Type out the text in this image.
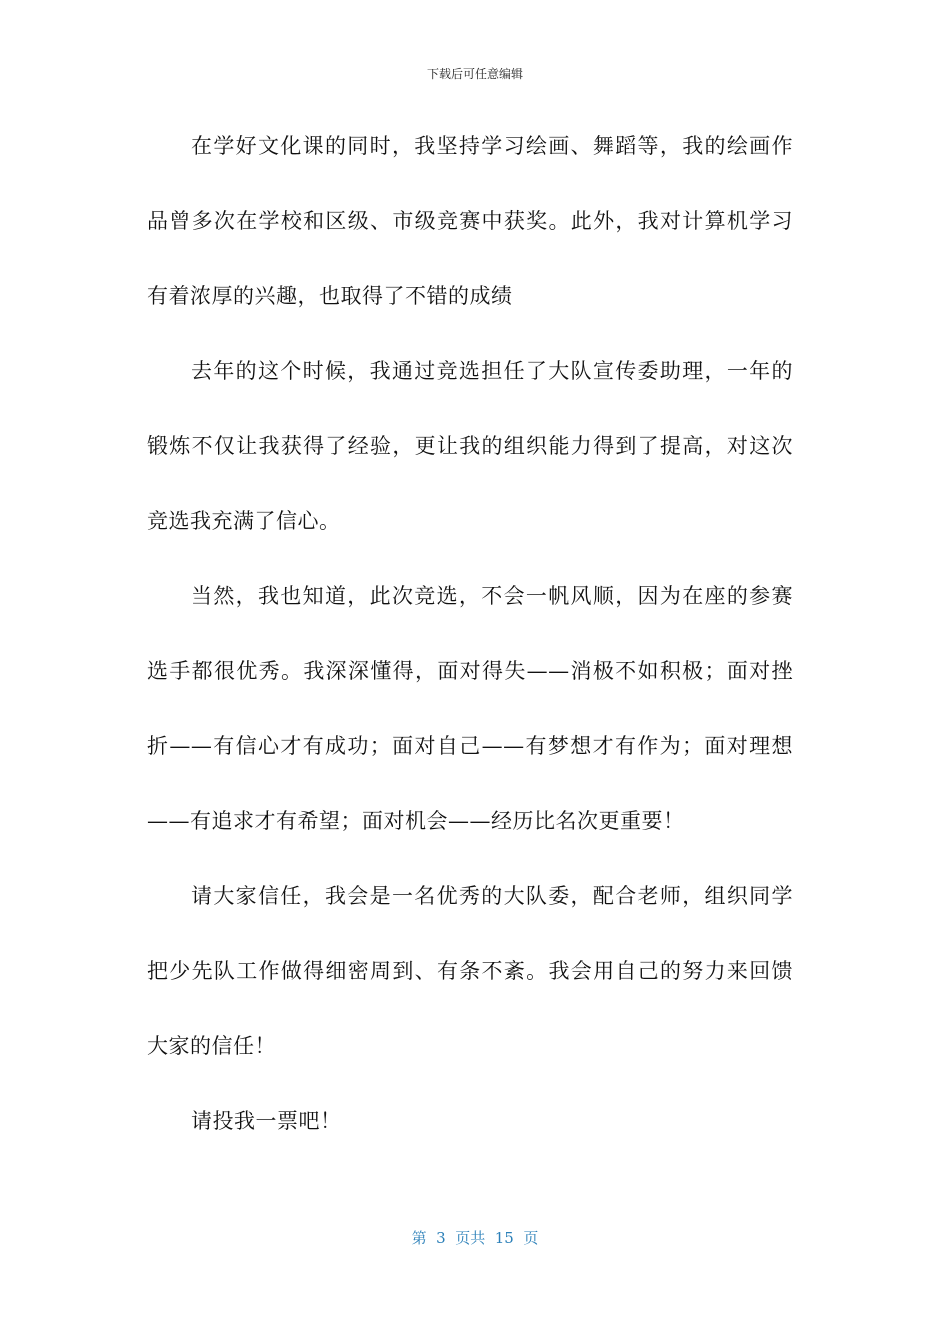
下载后可任意编辑
在学好文化课的同时，我坚持学习绘画、舞蹈等，我的绘画作
品曾多次在学校和区级、市级竞赛中获奖。此外，我对计算机学习
有着浓厚的兴趣，也取得了不错的成绩
去年的这个时候，我通过竞选担任了大队宣传委助理，一年的
锻炼不仅让我获得了经验，更让我的组织能力得到了提高，对这次
竞选我充满了信心。
当然，我也知道，此次竞选，不会一帆风顺，因为在座的参赛
选手都很优秀。我深深懂得，面对得失——消极不如积极；面对挫
折——有信心才有成功；面对自己——有梦想才有作为；面对理想
——有追求才有希望；面对机会——经历比名次更重要！
请大家信任，我会是一名优秀的大队委，配合老师，组织同学
把少先队工作做得细密周到、有条不紊。我会用自己的努力来回馈
大家的信任！
请投我一票吧！
第  3  页共  15  页
